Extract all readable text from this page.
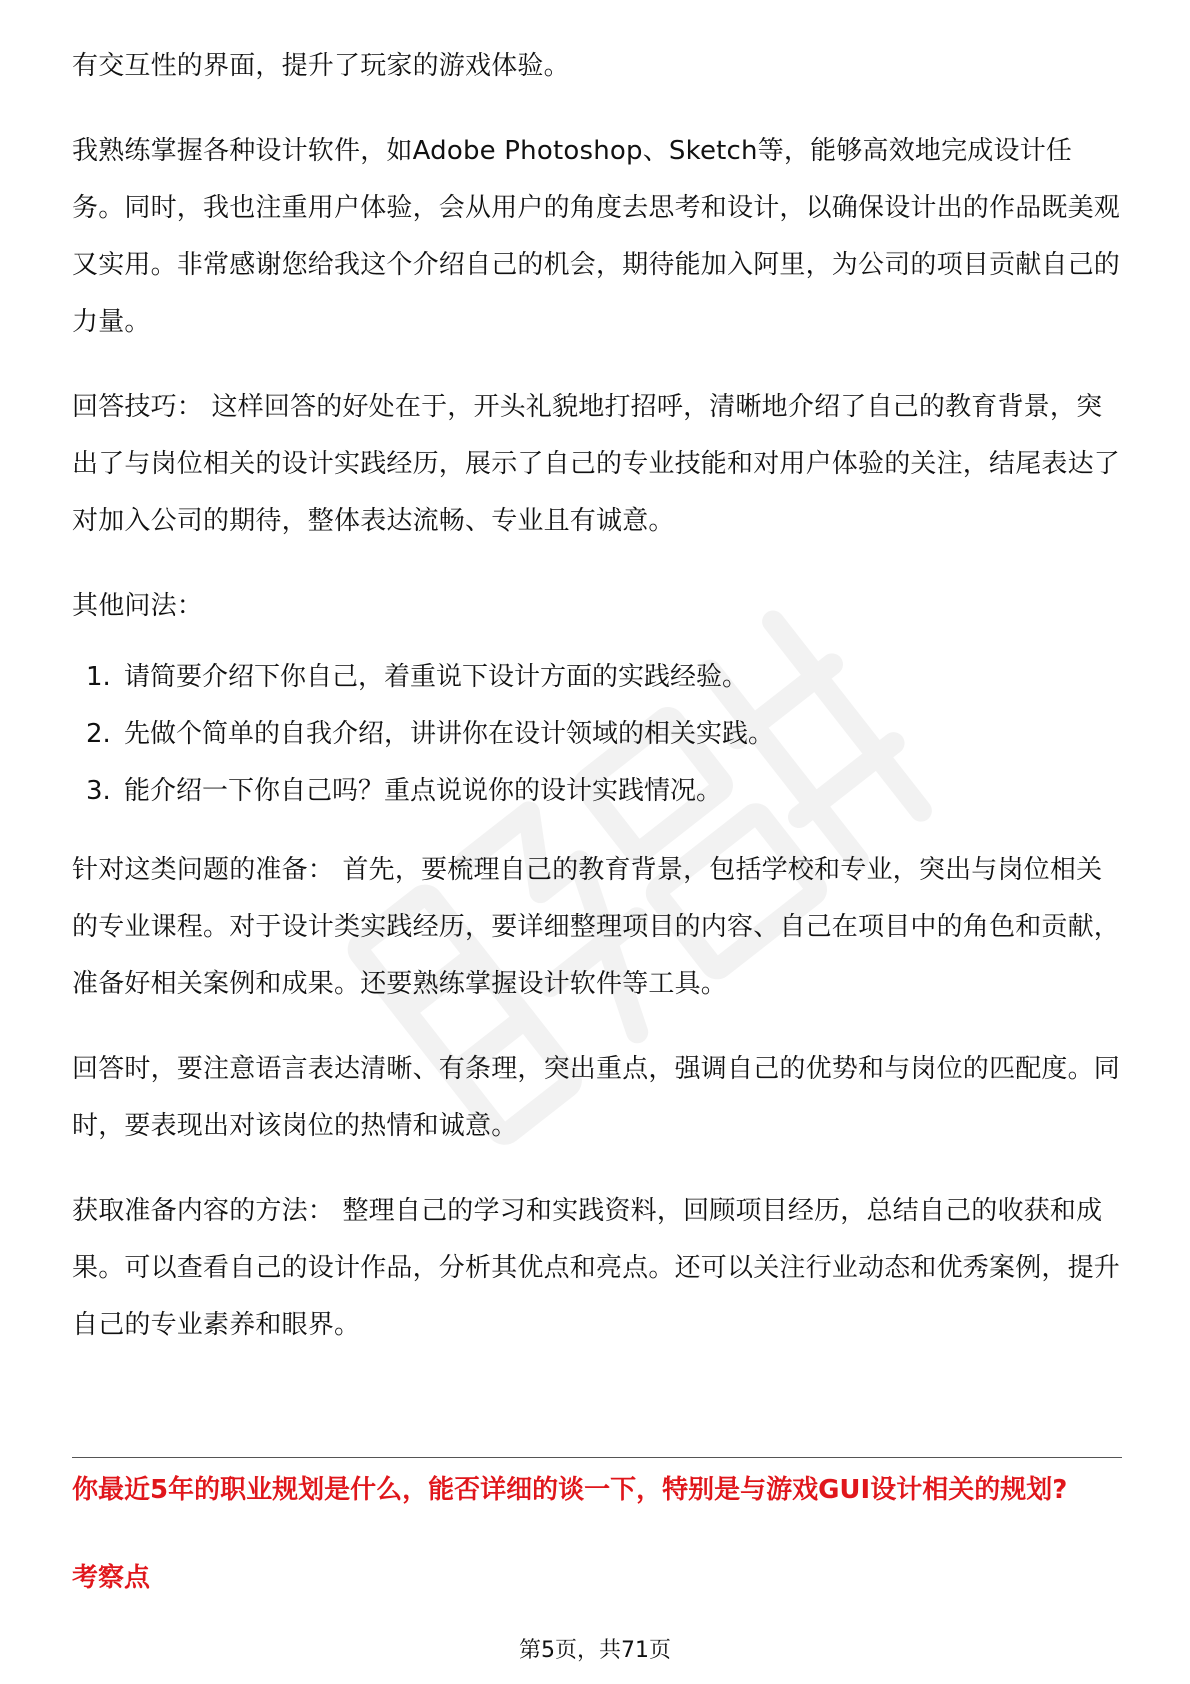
有交互性的界面，提升了玩家的游戏体验。

我熟练掌握各种设计软件，如Adobe Photoshop、Sketch等，能够高效地完成设计任务。同时，我也注重用户体验，会从用户的角度去思考和设计，以确保设计出的作品既美观又实用。非常感谢您给我这个介绍自己的机会，期待能加入阿里，为公司的项目贡献自己的力量。

回答技巧： 这样回答的好处在于，开头礼貌地打招呼，清晰地介绍了自己的教育背景，突出了与岗位相关的设计实践经历，展示了自己的专业技能和对用户体验的关注，结尾表达了对加入公司的期待，整体表达流畅、专业且有诚意。

其他问法：

1. 请简要介绍下你自己，着重说下设计方面的实践经验。
2. 先做个简单的自我介绍，讲讲你在设计领域的相关实践。
3. 能介绍一下你自己吗？重点说说你的设计实践情况。

针对这类问题的准备： 首先，要梳理自己的教育背景，包括学校和专业，突出与岗位相关的专业课程。对于设计类实践经历，要详细整理项目的内容、自己在项目中的角色和贡献，准备好相关案例和成果。还要熟练掌握设计软件等工具。

回答时，要注意语言表达清晰、有条理，突出重点，强调自己的优势和与岗位的匹配度。同时，要表现出对该岗位的热情和诚意。

获取准备内容的方法： 整理自己的学习和实践资料，回顾项目经历，总结自己的收获和成果。可以查看自己的设计作品，分析其优点和亮点。还可以关注行业动态和优秀案例，提升自己的专业素养和眼界。

你最近5年的职业规划是什么，能否详细的谈一下，特别是与游戏GUI设计相关的规划?

考察点

第5页，共71页
